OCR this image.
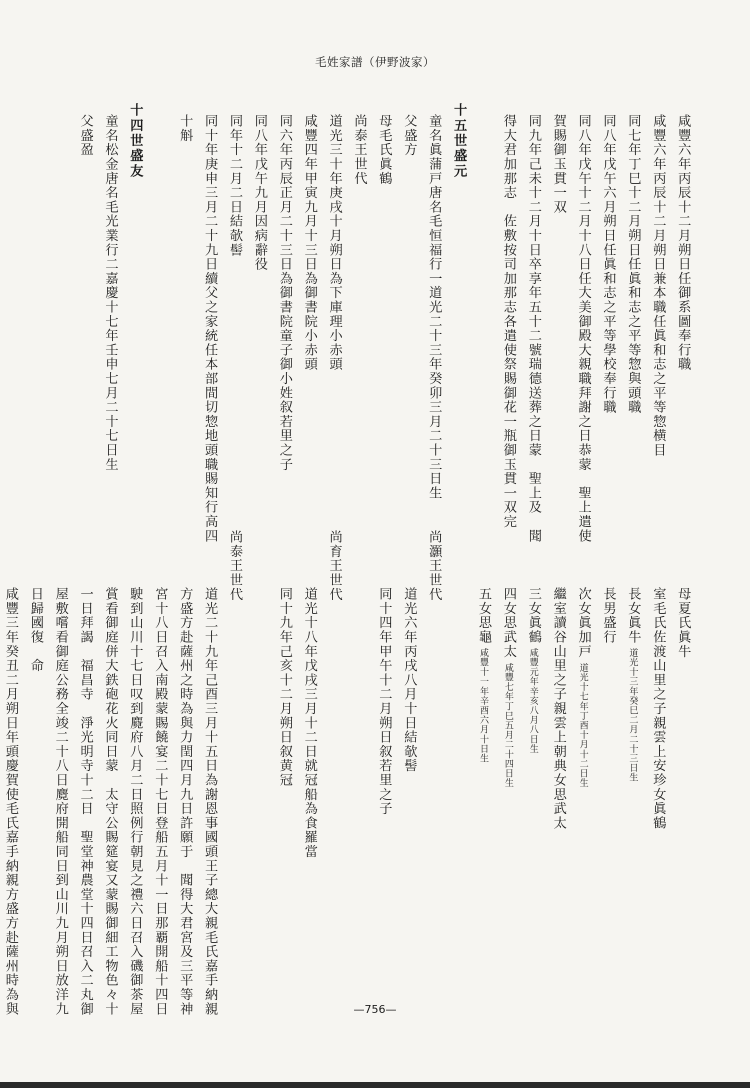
毛姓家譜（伊野波家）
咸豐六年丙辰十二月朔日任御系圖奉行職
咸豐六年丙辰十二月朔日兼本職任眞和志之平等惣横目
同七年丁巳十二月朔日任眞和志之平等惣與頭職
同八年戊午六月朔日任眞和志之平等學校奉行職
同八年戊午十二月十八日任大美御殿大親職拜謝之日恭蒙　聖上遣使
賀賜御玉貫一双
同九年己未十二月十日卒享年五十二號瑞德送葬之日蒙　聖上及　聞
得大君加那志　佐敷按司加那志各遣使祭賜御花一瓶御玉貫一双完
十五世盛元
童名眞蒲戸唐名毛恒福行一道光二十三年癸卯三月二十三日生
父盛方
母毛氏眞鶴
尚泰王世代
道光三十年庚戌十月朔日為下庫理小赤頭
咸豐四年甲寅九月十三日為御書院小赤頭
同六年丙辰正月二十三日為御書院童子御小姓叙若里之子
同八年戊午九月因病辭役
同年十二月二日結欹髻
同十年庚申三月二十九日續父之家統任本部間切惣地頭職賜知行高四
十斛
十四世盛友
童名松金唐名毛光業行二嘉慶十七年壬申七月二十七日生
父盛盈
母夏氏眞牛
室毛氏佐渡山里之子親雲上安珍女眞鶴
長女眞牛道光十三年癸巳二月二十三日生
長男盛行
次女眞加戸道光十七年丁酉十月十二日生
繼室讀谷山里之子親雲上朝典女思武太
三女眞鶴咸豐元年辛亥八月八日生
四女思武太咸豐七年丁巳五月二十四日生
五女思龜咸豐十一年辛酉六月十日生
尚灝王世代
道光六年丙戌八月十日結欹髻
同十四年甲午十二月朔日叙若里之子
尚育王世代
道光十八年戊戌三月十二日就冠船為食羅當
同十九年己亥十二月朔日叙黄冠
尚泰王世代
道光二十九年己酉三月十五日為謝恩事國頭王子總大親毛氏嘉手納親
方盛方赴薩州之時為與力閏四月九日許願于　聞得大君宮及三平等神
宮十八日召入南殿蒙賜饒宴二十七日登船五月十一日那覇開船十四日
駛到山川十七日叹到麑府八月二日照例行朝見之禮六日召入磯御茶屋
賞看御庭併大鉄砲花火同日蒙　太守公賜筵宴又蒙賜御細工物色々十
一日拜謁　福昌寺　淨光明寺十二日　聖堂神農堂十四日召入二丸御
屋敷嚐看御庭公務全竣二十八日麑府開船同日到山川九月朔日放洋九
日歸國復　命
咸豐三年癸丑二月朔日年頭慶賀使毛氏嘉手納親方盛方赴薩州時為與	—756—
